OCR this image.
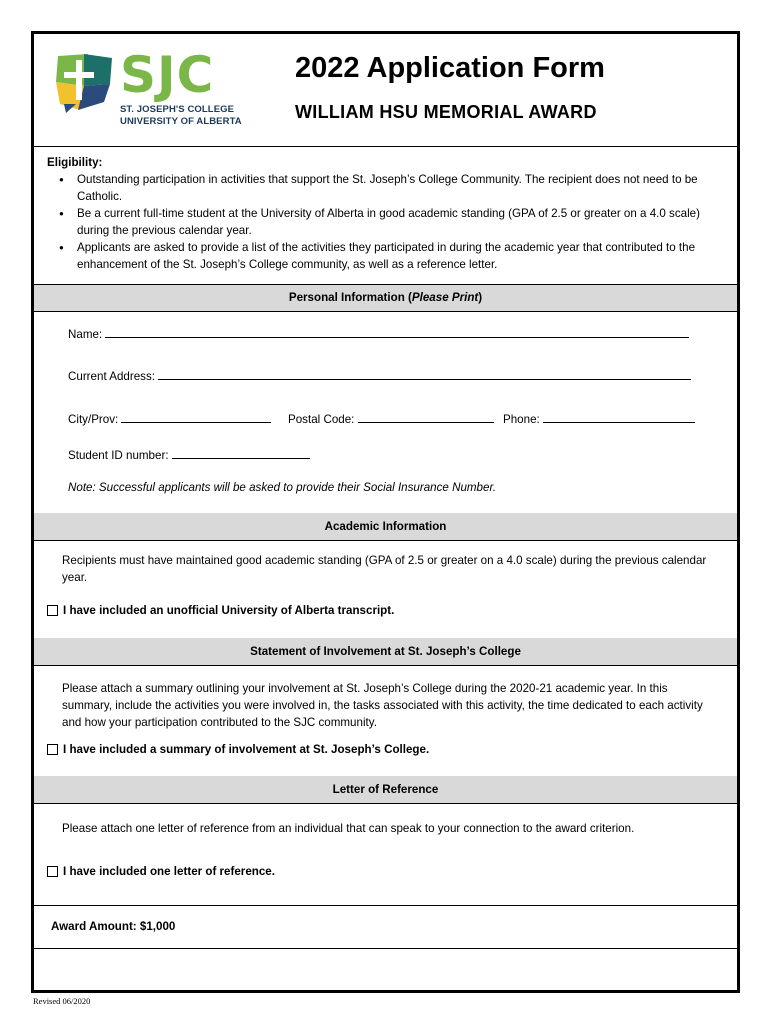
SJC
ST. JOSEPH'S COLLEGE
UNIVERSITY OF ALBERTA
2022 Application Form
WILLIAM HSU MEMORIAL AWARD
Eligibility:
● Outstanding participation in activities that support the St. Joseph’s College Community. The recipient does not need to be Catholic.
● Be a current full-time student at the University of Alberta in good academic standing (GPA of 2.5 or greater on a 4.0 scale) during the previous calendar year.
● Applicants are asked to provide a list of the activities they participated in during the academic year that contributed to the enhancement of the St. Joseph’s College community, as well as a reference letter.
Personal Information ( Please Print )
Name:
Current Address:
City/Prov:	Postal Code:	Phone:
Student ID number:
Note: Successful applicants will be asked to provide their Social Insurance Number.
Academic Information
Recipients must have maintained good academic standing (GPA of 2.5 or greater on a 4.0 scale) during the previous calendar year.
I have included an unofficial University of Alberta transcript.
Statement of Involvement at St. Joseph’s College
Please attach a summary outlining your involvement at St. Joseph’s College during the 2020-21 academic year. In this summary, include the activities you were involved in, the tasks associated with this activity, the time dedicated to each activity and how your participation contributed to the SJC community.
I have included a summary of involvement at St. Joseph’s College.
Letter of Reference
Please attach one letter of reference from an individual that can speak to your connection to the award criterion.
I have included one letter of reference.
Award Amount: $1,000
Revised 06/2020
